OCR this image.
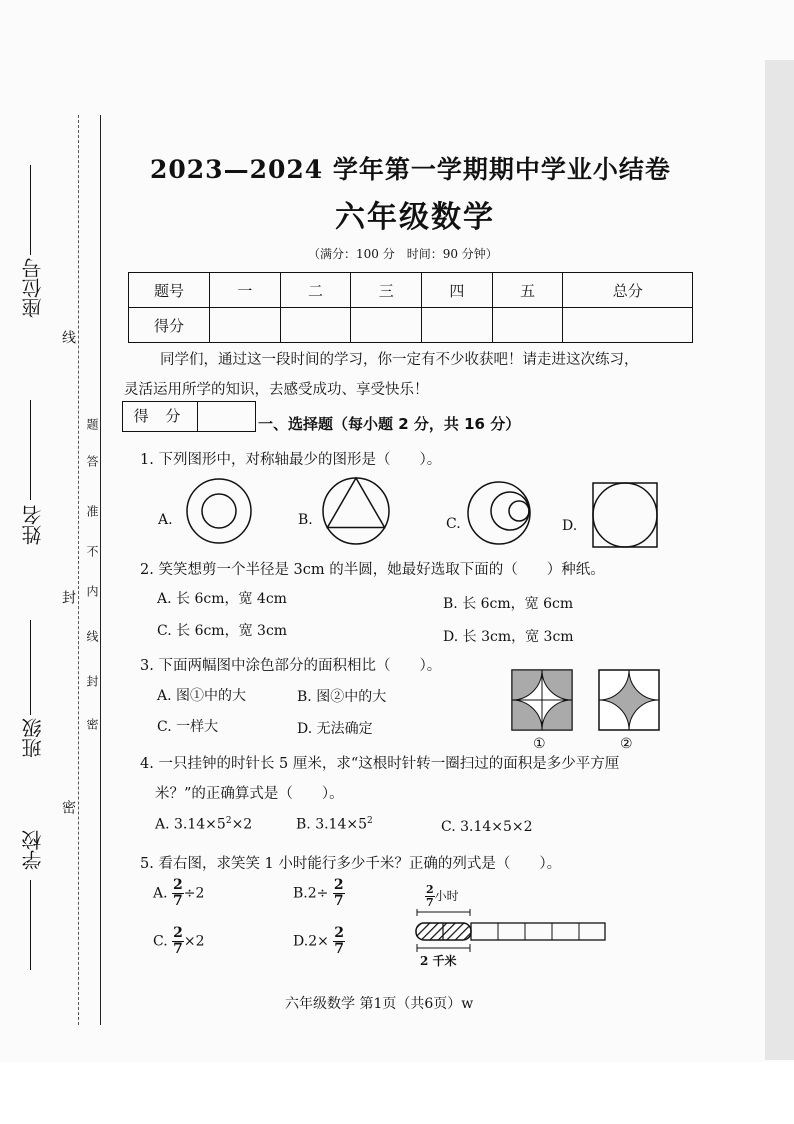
座位号
姓名
班级
学校
线
封
密
题
答
准
不
内
线
封
密
2023—2024 学年第一学期期中学业小结卷
六年级数学
（满分：100 分　时间：90 分钟）
题号	一	二	三	四	五	总分
得分						
同学们，通过这一段时间的学习，你一定有不少收获吧！请走进这次练习，
灵活运用所学的知识，去感受成功、享受快乐！
得 分	一、选择题（每小题 2 分，共 16 分）
1. 下列图形中，对称轴最少的图形是（　　）。
A.	B.	C.	D.
2. 笑笑想剪一个半径是 3cm 的半圆，她最好选取下面的（　　）种纸。
A. 长 6cm，宽 4cm	B. 长 6cm，宽 6cm
C. 长 6cm，宽 3cm	D. 长 3cm，宽 3cm
3. 下面两幅图中涂色部分的面积相比（　　）。
A. 图①中的大	B. 图②中的大
C. 一样大	D. 无法确定
①	②
4. 一只挂钟的时针长 5 厘米，求“这根时针转一圈扫过的面积是多少平方厘
米？”的正确算式是（　　）。
A. $3.14\times 5^2\times 2$	B. $3.14\times 5^2$	C. 3.14×5×2
5. 看右图，求笑笑 1 小时能行多少千米？正确的列式是（　　）。
A. $\frac{2}{7} \div 2$	$B.2\div \frac{2}{7}$
C. $\frac{2}{7} \times 2$	$D.2\times \frac{2}{7}$
$\frac{2}{7}$ 小时
2 千米
六年级数学 第1页（共6页）w
